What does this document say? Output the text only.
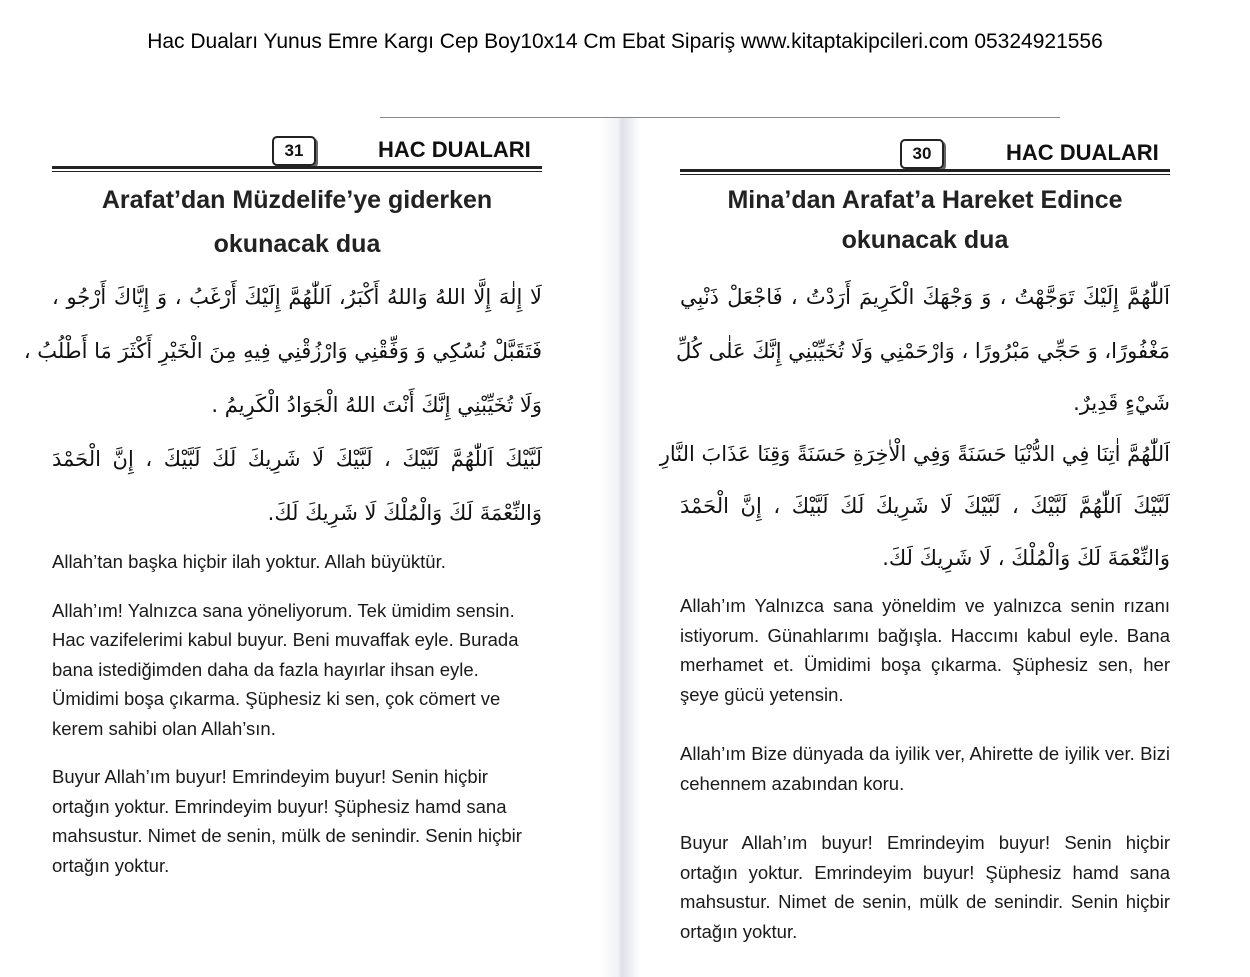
Hac Duaları Yunus Emre Kargı Cep Boy10x14 Cm Ebat Sipariş www.kitaptakipcileri.com 05324921556
31	HAC DUALARI
Arafat’dan Müzdelife’ye giderken
okunacak dua
لَا إِلٰهَ إِلَّا اللهُ وَاللهُ أَكْبَرُ، اَللّٰهُمَّ إِلَيْكَ أَرْغَبُ ، وَ إِيَّاكَ أَرْجُو ،
فَتَقَبَّلْ نُسُكِي وَ وَفِّقْنِي وَارْزُقْنِي فِيهِ مِنَ الْخَيْرِ أَكْثَرَ مَا أَطْلُبُ ،
وَلَا تُخَيِّبْنِي إِنَّكَ أَنْتَ اللهُ الْجَوَادُ الْكَرِيمُ .
لَبَّيْكَ اَللّٰهُمَّ لَبَّيْكَ ، لَبَّيْكَ لَا شَرِيكَ لَكَ لَبَّيْكَ ، إِنَّ الْحَمْدَ
وَالنِّعْمَةَ لَكَ وَالْمُلْكَ لَا شَرِيكَ لَكَ.

Allah’tan başka hiçbir ilah yoktur. Allah büyüktür.

Allah’ım! Yalnızca sana yöneliyorum. Tek ümidim sensin. Hac vazifelerimi kabul buyur. Beni muvaffak eyle. Burada bana istediğimden daha da fazla hayırlar ihsan eyle. Ümidimi boşa çıkarma. Şüphesiz ki sen, çok cömert ve kerem sahibi olan Allah’sın.

Buyur Allah’ım buyur! Emrindeyim buyur! Senin hiçbir ortağın yoktur. Emrindeyim buyur! Şüphesiz hamd sana mahsustur. Nimet de senin, mülk de senindir. Senin hiçbir ortağın yoktur.

30	HAC DUALARI
Mina’dan Arafat’a Hareket Edince
okunacak dua
اَللّٰهُمَّ إِلَيْكَ تَوَجَّهْتُ ، وَ وَجْهَكَ الْكَرِيمَ أَرَدْتُ ، فَاجْعَلْ ذَنْبِي
مَغْفُورًا، وَ حَجِّي مَبْرُورًا ، وَارْحَمْنِي وَلَا تُخَيِّبْنِي إِنَّكَ عَلٰى كُلِّ
شَيْءٍ قَدِيرٌ.
اَللّٰهُمَّ اٰتِنَا فِي الدُّنْيَا حَسَنَةً وَفِي الْاٰخِرَةِ حَسَنَةً وَقِنَا عَذَابَ النَّارِ
لَبَّيْكَ اَللّٰهُمَّ لَبَّيْكَ ، لَبَّيْكَ لَا شَرِيكَ لَكَ لَبَّيْكَ ، إِنَّ الْحَمْدَ
وَالنِّعْمَةَ لَكَ وَالْمُلْكَ ، لَا شَرِيكَ لَكَ.

Allah’ım Yalnızca sana yöneldim ve yalnızca senin rızanı istiyorum. Günahlarımı bağışla. Haccımı kabul eyle. Bana merhamet et. Ümidimi boşa çıkarma. Şüphesiz sen, her şeye gücü yetensin.

Allah’ım Bize dünyada da iyilik ver, Ahirette de iyilik ver. Bizi cehennem azabından koru.

Buyur Allah’ım buyur! Emrindeyim buyur! Senin hiçbir ortağın yoktur. Emrindeyim buyur! Şüphesiz hamd sana mahsustur. Nimet de senin, mülk de senindir. Senin hiçbir ortağın yoktur.
